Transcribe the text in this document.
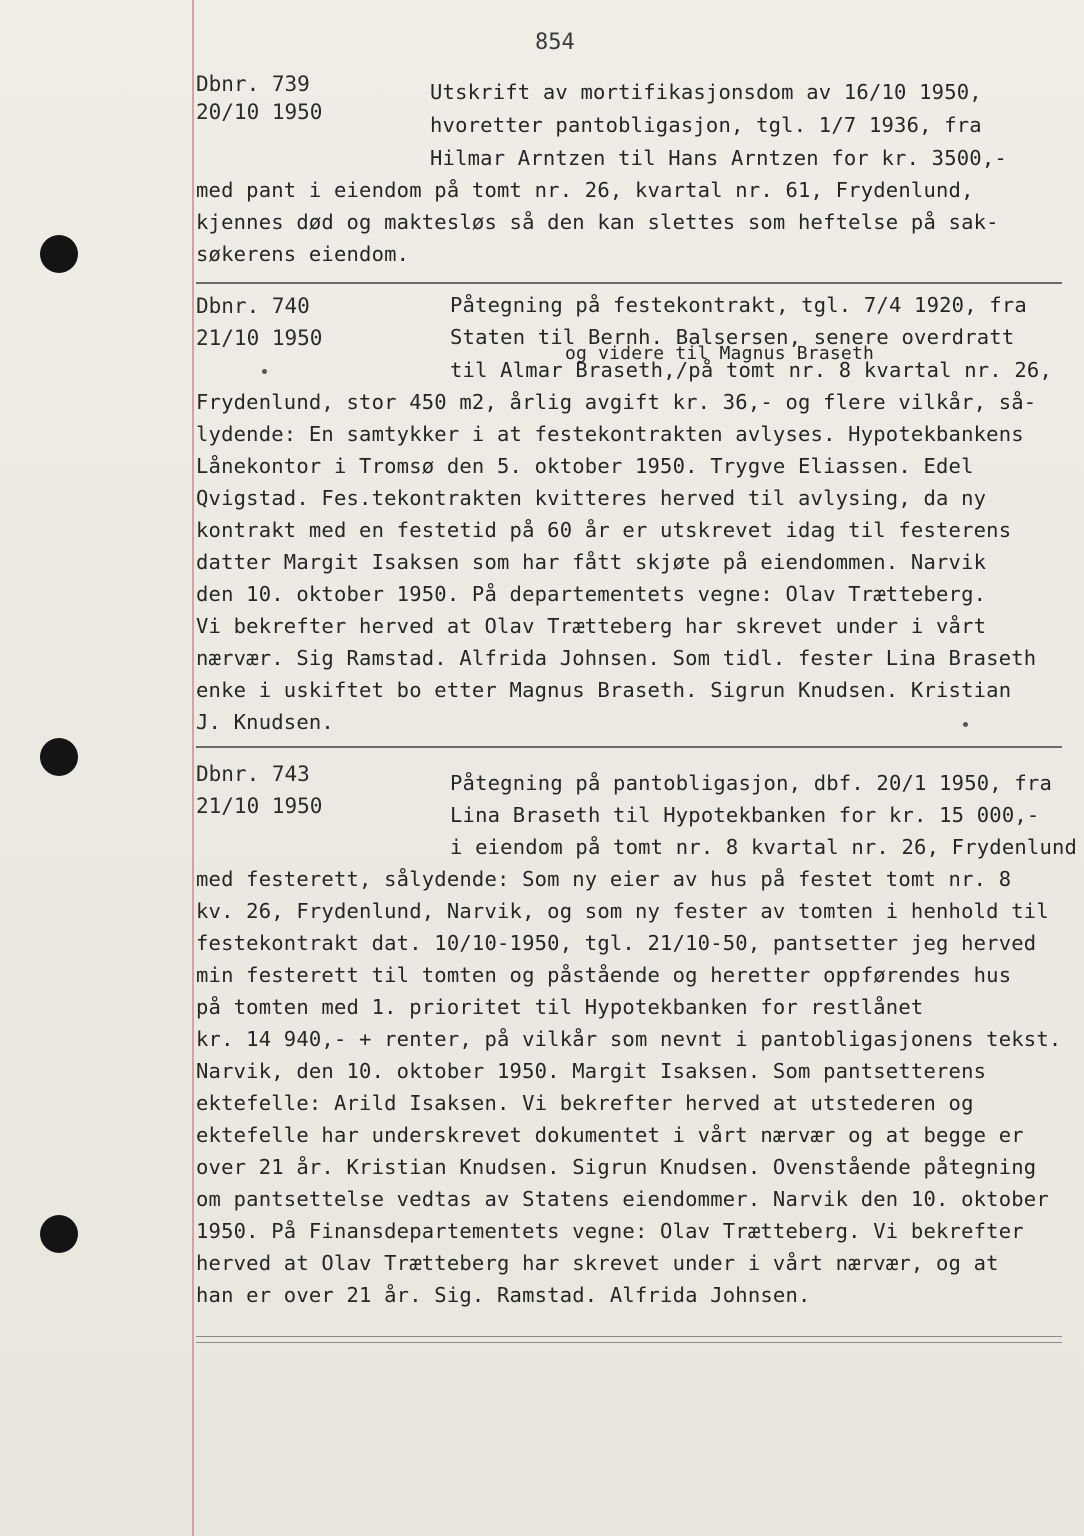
854
Dbnr. 739
20/10 1950
Utskrift av mortifikasjonsdom av 16/10 1950,
hvoretter pantobligasjon, tgl. 1/7 1936, fra
Hilmar Arntzen til Hans Arntzen for kr. 3500,-
med pant i eiendom på tomt nr. 26, kvartal nr. 61, Frydenlund,
kjennes død og maktesløs så den kan slettes som heftelse på sak-
søkerens eiendom.
Dbnr. 740
21/10 1950
Påtegning på festekontrakt, tgl. 7/4 1920, fra
Staten til Bernh. Balsersen, senere overdratt
og videre til Magnus Braseth
til Almar Braseth,/på tomt nr. 8 kvartal nr. 26,
Frydenlund, stor 450 m2, årlig avgift kr. 36,- og flere vilkår, så-
lydende: En samtykker i at festekontrakten avlyses. Hypotekbankens
Lånekontor i Tromsø den 5. oktober 1950. Trygve Eliassen. Edel
Qvigstad. Fes.tekontrakten kvitteres herved til avlysing, da ny
kontrakt med en festetid på 60 år er utskrevet idag til festerens
datter Margit Isaksen som har fått skjøte på eiendommen. Narvik
den 10. oktober 1950. På departementets vegne: Olav Trætteberg.
Vi bekrefter herved at Olav Trætteberg har skrevet under i vårt
nærvær. Sig Ramstad. Alfrida Johnsen. Som tidl. fester Lina Braseth
enke i uskiftet bo etter Magnus Braseth. Sigrun Knudsen. Kristian
J. Knudsen.
Dbnr. 743
21/10 1950
Påtegning på pantobligasjon, dbf. 20/1 1950, fra
Lina Braseth til Hypotekbanken for kr. 15 000,-
i eiendom på tomt nr. 8 kvartal nr. 26, Frydenlund
med festerett, sålydende: Som ny eier av hus på festet tomt nr. 8
kv. 26, Frydenlund, Narvik, og som ny fester av tomten i henhold til
festekontrakt dat. 10/10-1950, tgl. 21/10-50, pantsetter jeg herved
min festerett til tomten og påstående og heretter oppførendes hus
på tomten med 1. prioritet til Hypotekbanken for restlånet
kr. 14 940,- + renter, på vilkår som nevnt i pantobligasjonens tekst.
Narvik, den 10. oktober 1950. Margit Isaksen. Som pantsetterens
ektefelle: Arild Isaksen. Vi bekrefter herved at utstederen og
ektefelle har underskrevet dokumentet i vårt nærvær og at begge er
over 21 år. Kristian Knudsen. Sigrun Knudsen. Ovenstående påtegning
om pantsettelse vedtas av Statens eiendommer. Narvik den 10. oktober
1950. På Finansdepartementets vegne: Olav Trætteberg. Vi bekrefter
herved at Olav Trætteberg har skrevet under i vårt nærvær, og at
han er over 21 år. Sig. Ramstad. Alfrida Johnsen.
